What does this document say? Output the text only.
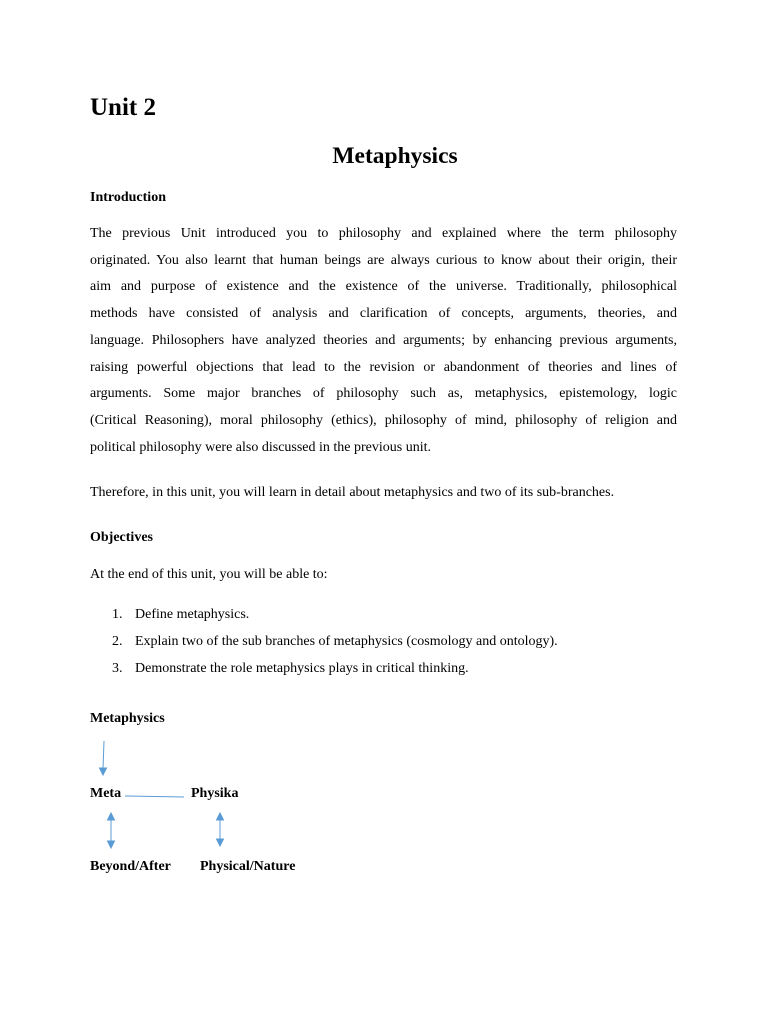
Unit 2
Metaphysics
Introduction
The previous Unit introduced you to philosophy and explained where the term philosophy
originated. You also learnt that human beings are always curious to know about their origin, their
aim and purpose of existence and the existence of the universe. Traditionally, philosophical
methods have consisted of analysis and clarification of concepts, arguments, theories, and
language. Philosophers have analyzed theories and arguments; by enhancing previous arguments,
raising powerful objections that lead to the revision or abandonment of theories and lines of
arguments. Some major branches of philosophy such as, metaphysics, epistemology, logic
(Critical Reasoning), moral philosophy (ethics), philosophy of mind, philosophy of religion and
political philosophy were also discussed in the previous unit.
Therefore, in this unit, you will learn in detail about metaphysics and two of its sub-branches.
Objectives
At the end of this unit, you will be able to:
1. Define metaphysics.
2. Explain two of the sub branches of metaphysics (cosmology and ontology).
3. Demonstrate the role metaphysics plays in critical thinking.
Metaphysics
Meta	Physika
Beyond/After Physical/Nature
